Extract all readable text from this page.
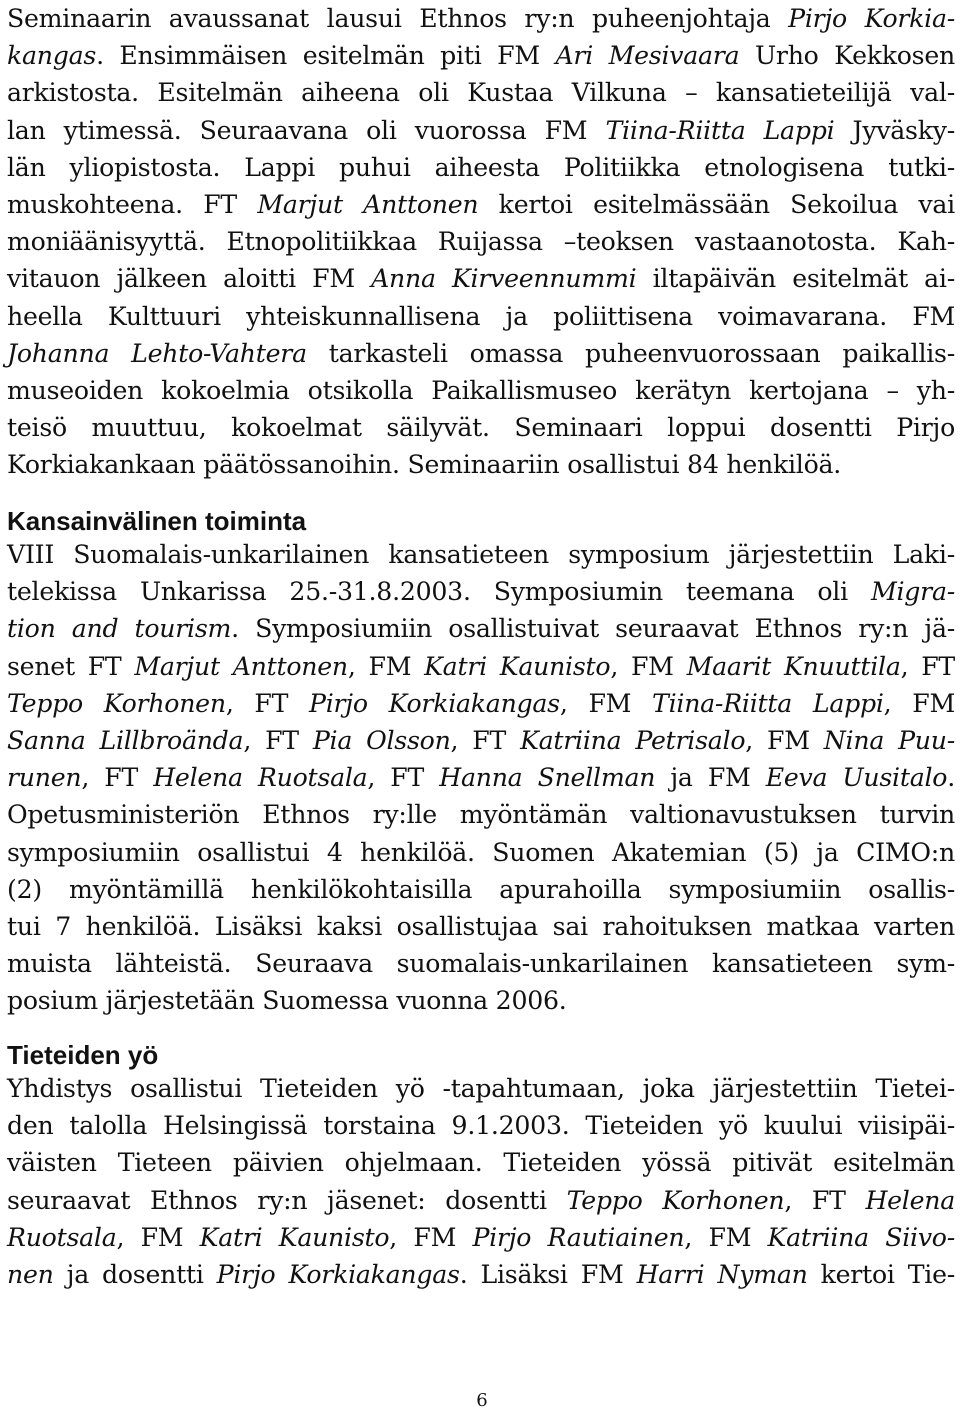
Seminaarin avaussanat lausui Ethnos ry:n puheenjohtaja Pirjo Korkia-
kangas. Ensimmäisen esitelmän piti FM Ari Mesivaara Urho Kekkosen
arkistosta. Esitelmän aiheena oli Kustaa Vilkuna – kansatieteilijä val-
lan ytimessä. Seuraavana oli vuorossa FM Tiina-Riitta Lappi Jyväsky-
län yliopistosta. Lappi puhui aiheesta Politiikka etnologisena tutki-
muskohteena. FT Marjut Anttonen kertoi esitelmässään Sekoilua vai
moniäänisyyttä. Etnopolitiikkaa Ruijassa –teoksen vastaanotosta. Kah-
vitauon jälkeen aloitti FM Anna Kirveennummi iltapäivän esitelmät ai-
heella Kulttuuri yhteiskunnallisena ja poliittisena voimavarana. FM
Johanna Lehto-Vahtera tarkasteli omassa puheenvuorossaan paikallis-
museoiden kokoelmia otsikolla Paikallismuseo kerätyn kertojana – yh-
teisö muuttuu, kokoelmat säilyvät. Seminaari loppui dosentti Pirjo
Korkiakankaan päätössanoihin. Seminaariin osallistui 84 henkilöä.
Kansainvälinen toiminta
VIII Suomalais-unkarilainen kansatieteen symposium järjestettiin Laki-
telekissa Unkarissa 25.-31.8.2003. Symposiumin teemana oli Migra-
tion and tourism. Symposiumiin osallistuivat seuraavat Ethnos ry:n jä-
senet FT Marjut Anttonen, FM Katri Kaunisto, FM Maarit Knuuttila, FT
Teppo Korhonen, FT Pirjo Korkiakangas, FM Tiina-Riitta Lappi, FM
Sanna Lillbroända, FT Pia Olsson, FT Katriina Petrisalo, FM Nina Puu-
runen, FT Helena Ruotsala, FT Hanna Snellman ja FM Eeva Uusitalo.
Opetusministeriön Ethnos ry:lle myöntämän valtionavustuksen turvin
symposiumiin osallistui 4 henkilöä. Suomen Akatemian (5) ja CIMO:n
(2) myöntämillä henkilökohtaisilla apurahoilla symposiumiin osallis-
tui 7 henkilöä. Lisäksi kaksi osallistujaa sai rahoituksen matkaa varten
muista lähteistä. Seuraava suomalais-unkarilainen kansatieteen sym-
posium järjestetään Suomessa vuonna 2006.
Tieteiden yö
Yhdistys osallistui Tieteiden yö -tapahtumaan, joka järjestettiin Tietei-
den talolla Helsingissä torstaina 9.1.2003. Tieteiden yö kuului viisipäi-
väisten Tieteen päivien ohjelmaan. Tieteiden yössä pitivät esitelmän
seuraavat Ethnos ry:n jäsenet: dosentti Teppo Korhonen, FT Helena
Ruotsala, FM Katri Kaunisto, FM Pirjo Rautiainen, FM Katriina Siivo-
nen ja dosentti Pirjo Korkiakangas. Lisäksi FM Harri Nyman kertoi Tie-
6
